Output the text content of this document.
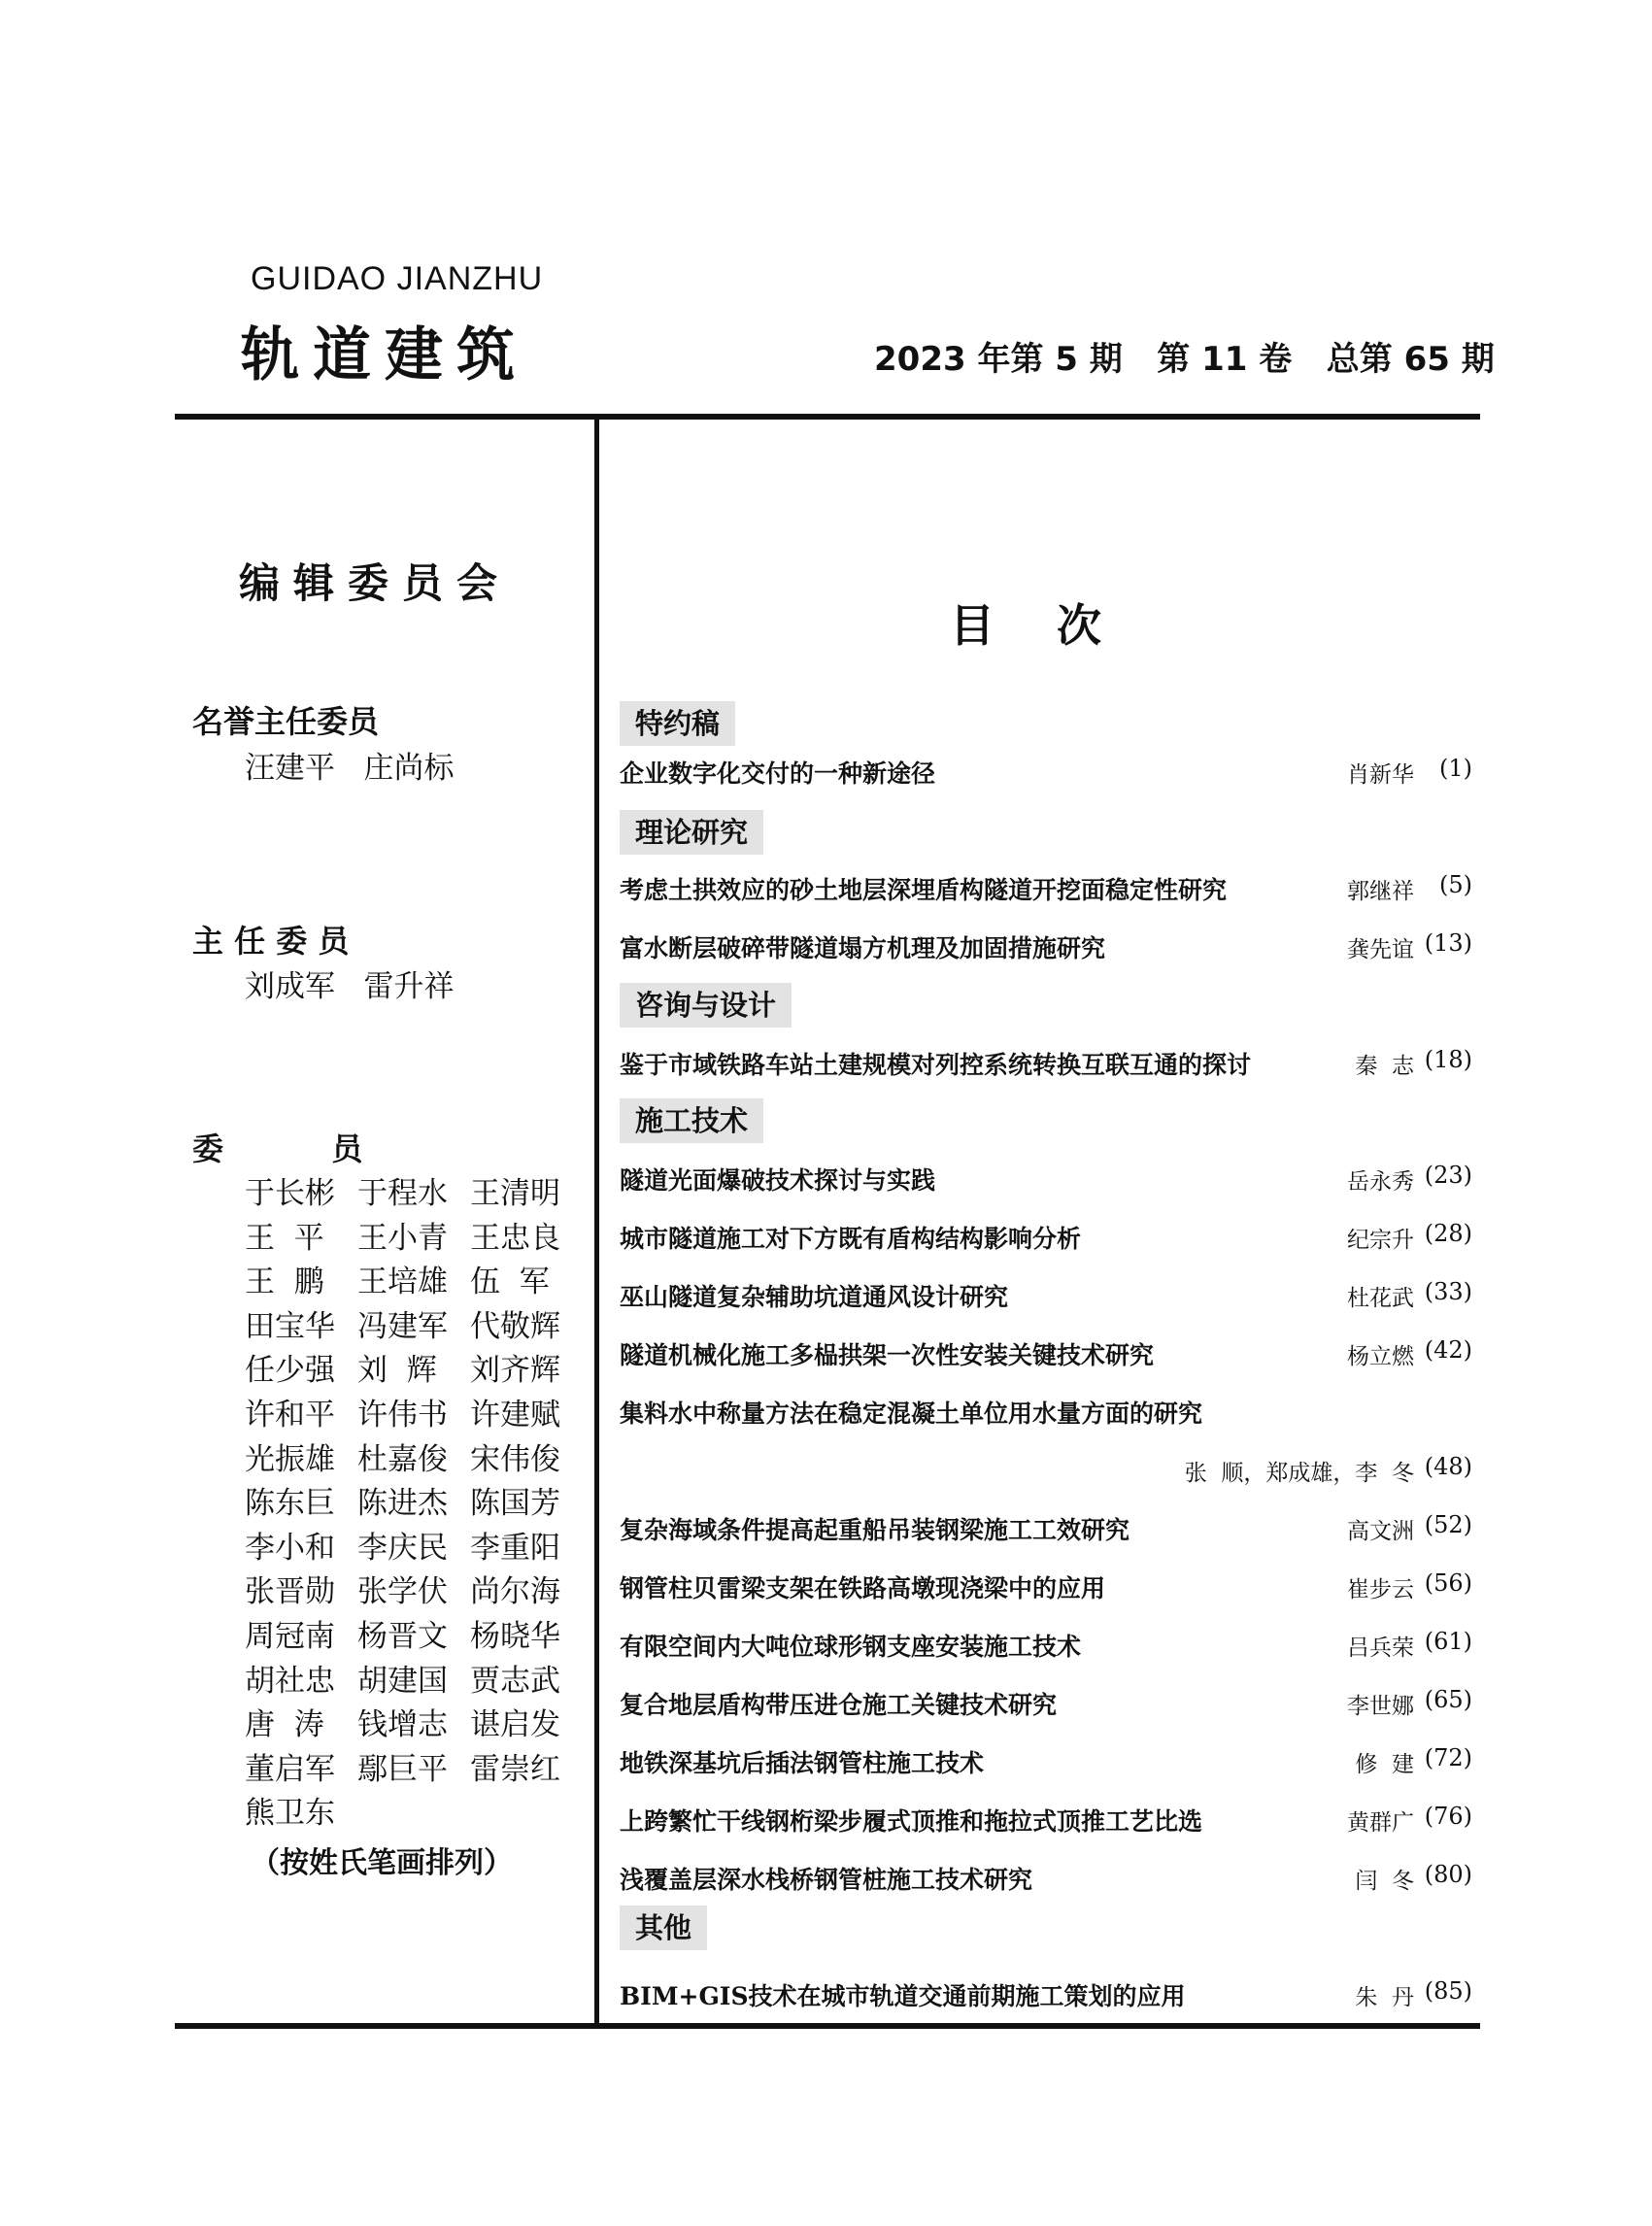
GUIDAO JIANZHU
轨道建筑	2023 年第 5 期   第 11 卷   总第 65 期
编辑委员会
名誉主任委员
汪建平   庄尚标
主 任 委 员
刘成军   雷升祥
委          员
于长彬 于程水 王清明
王  平 王小青 王忠良
王  鹏 王培雄 伍  军
田宝华 冯建军 代敬辉
任少强 刘  辉 刘齐辉
许和平 许伟书 许建赋
光振雄 杜嘉俊 宋伟俊
陈东巨 陈进杰 陈国芳
李小和 李庆民 李重阳
张晋勋 张学伏 尚尔海
周冠南 杨晋文 杨晓华
胡社忠 胡建国 贾志武
唐  涛 钱增志 谌启发
董启军 鄢巨平 雷崇红
熊卫东
（按姓氏笔画排列）
目    次
特约稿
企业数字化交付的一种新途径	肖新华 (1)
理论研究
考虑土拱效应的砂土地层深埋盾构隧道开挖面稳定性研究	郭继祥 (5)
富水断层破碎带隧道塌方机理及加固措施研究	龚先谊 (13)
咨询与设计
鉴于市域铁路车站土建规模对列控系统转换互联互通的探讨	秦  志 (18)
施工技术
隧道光面爆破技术探讨与实践	岳永秀 (23)
城市隧道施工对下方既有盾构结构影响分析	纪宗升 (28)
巫山隧道复杂辅助坑道通风设计研究	杜花武 (33)
隧道机械化施工多榀拱架一次性安装关键技术研究	杨立燃 (42)
集料水中称量方法在稳定混凝土单位用水量方面的研究
张  顺，郑成雄，李  冬 (48)
复杂海域条件提高起重船吊装钢梁施工工效研究	高文洲 (52)
钢管柱贝雷梁支架在铁路高墩现浇梁中的应用	崔步云 (56)
有限空间内大吨位球形钢支座安装施工技术	吕兵荣 (61)
复合地层盾构带压进仓施工关键技术研究	李世娜 (65)
地铁深基坑后插法钢管柱施工技术	修  建 (72)
上跨繁忙干线钢桁梁步履式顶推和拖拉式顶推工艺比选	黄群广 (76)
浅覆盖层深水栈桥钢管桩施工技术研究	闫  冬 (80)
其他
BIM+GIS技术在城市轨道交通前期施工策划的应用	朱  丹 (85)
